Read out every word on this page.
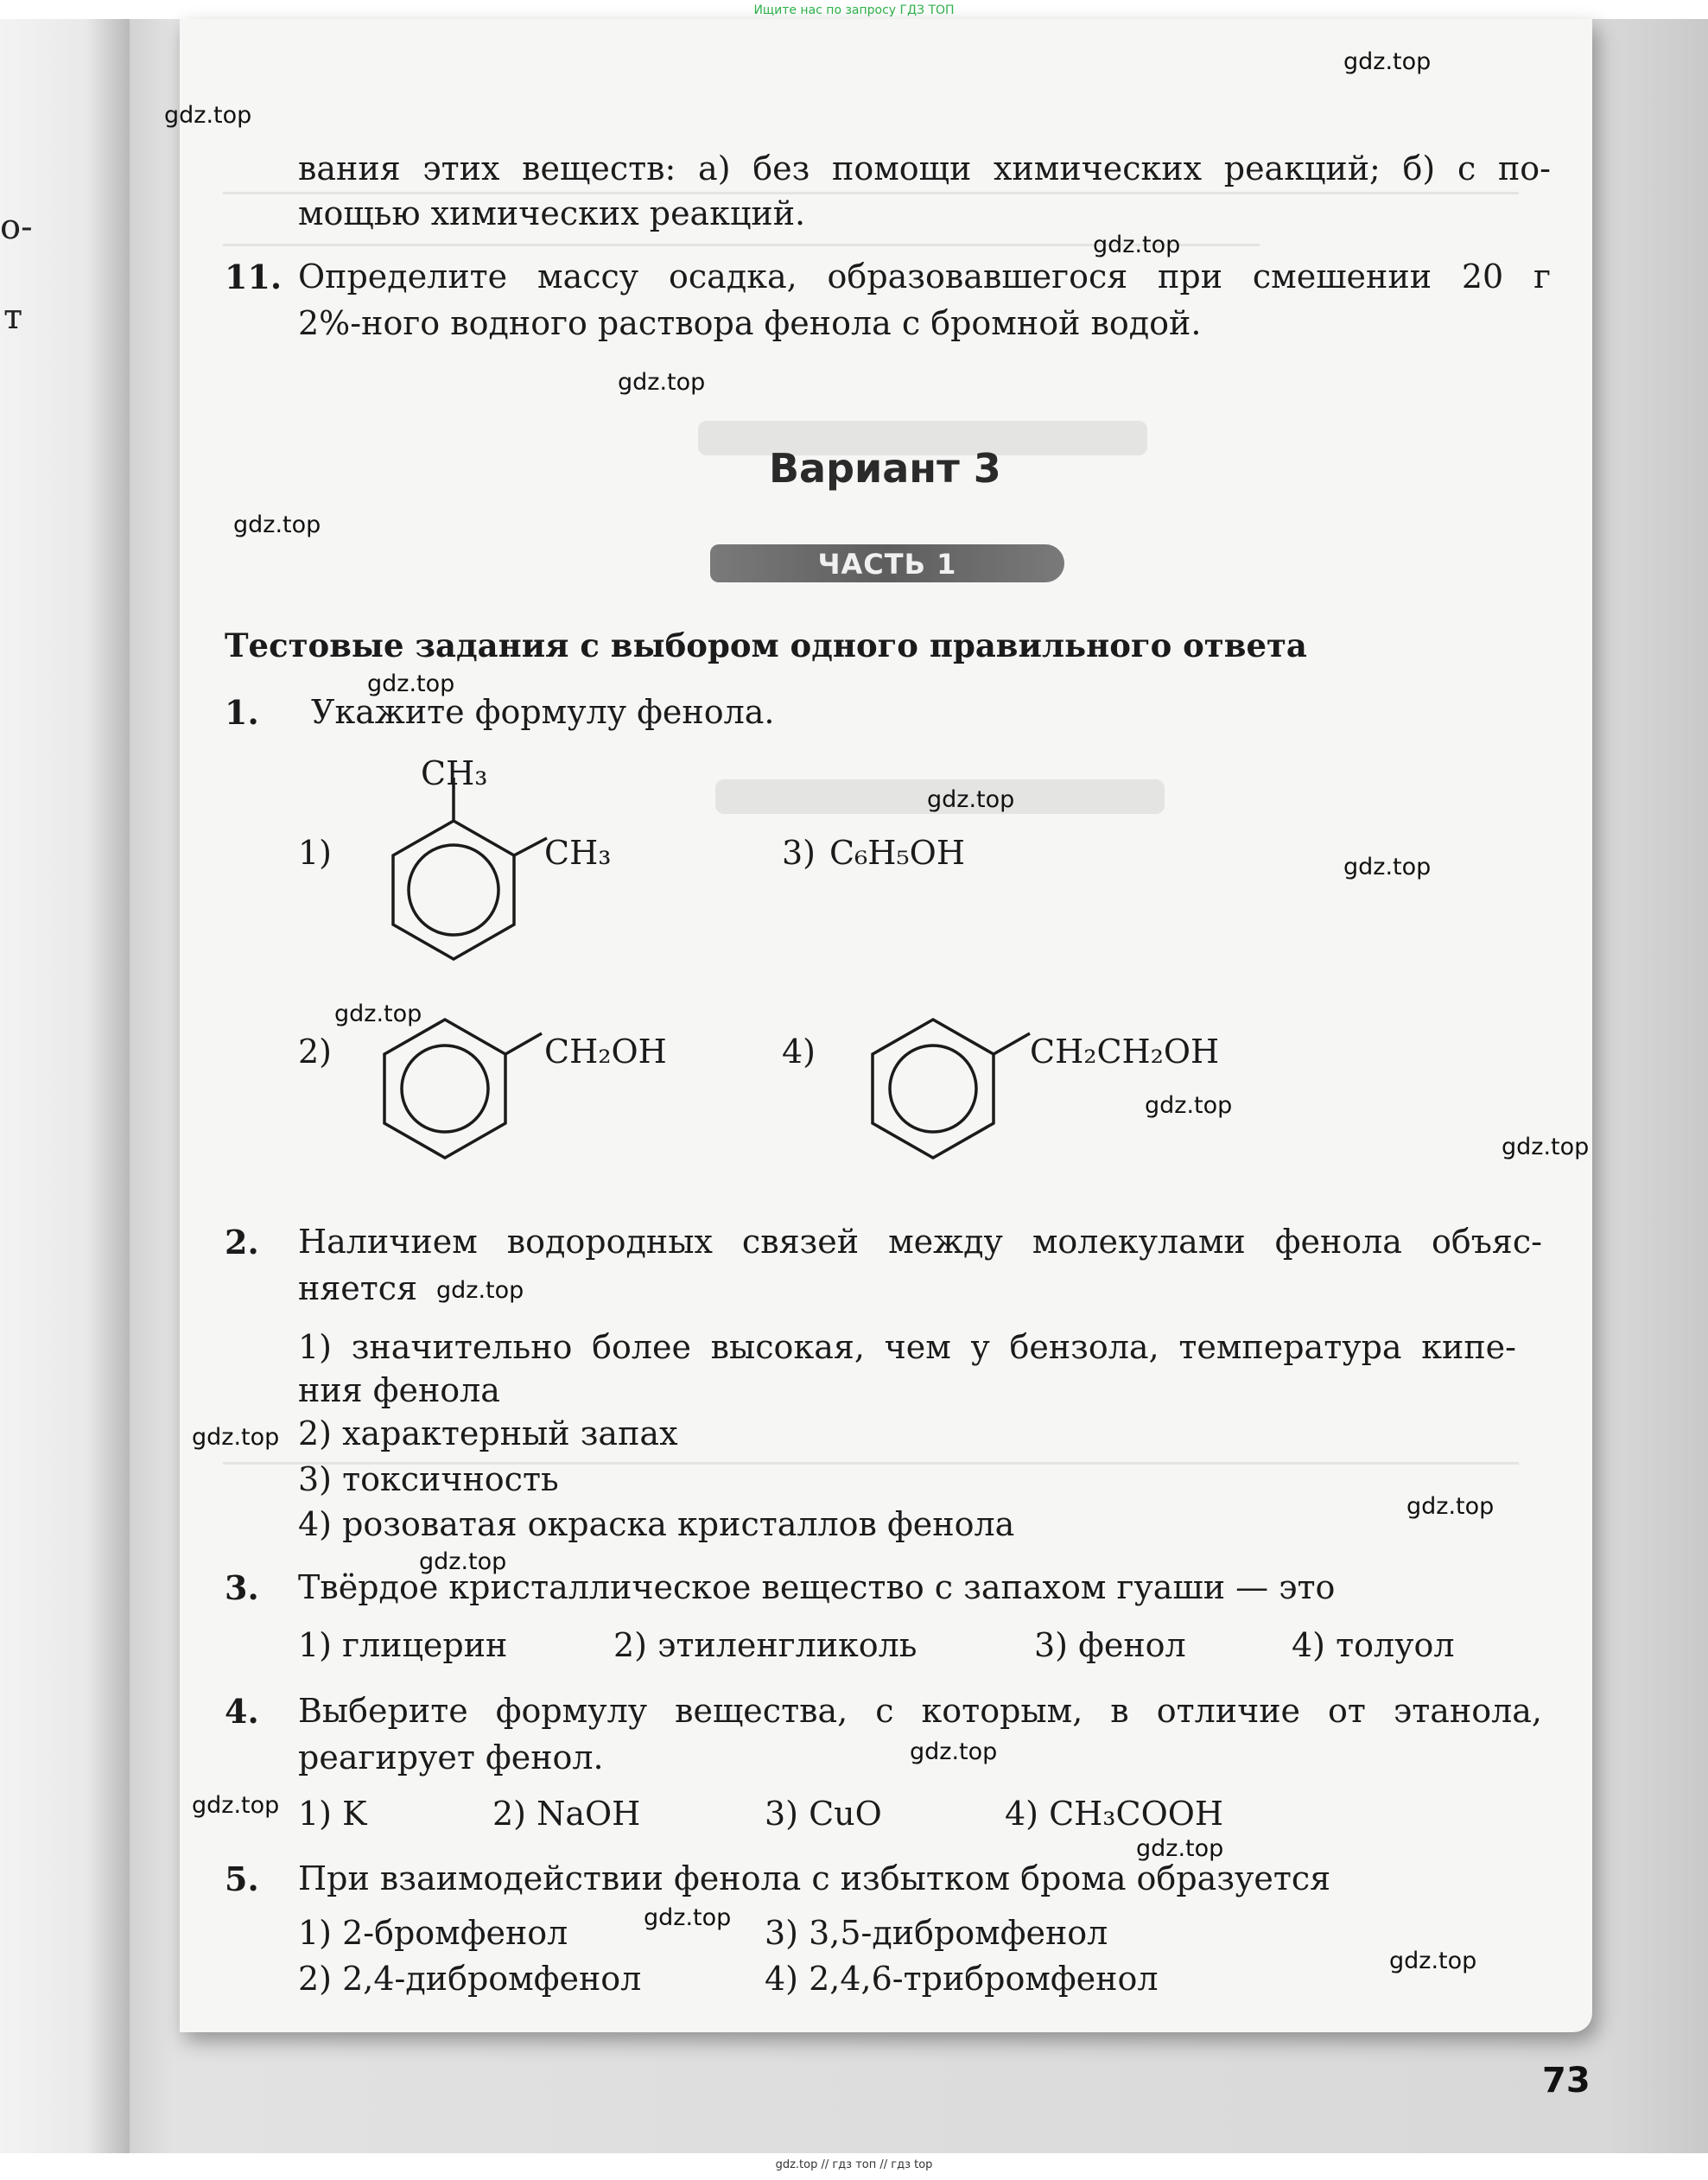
Ищите нас по запросу ГДЗ ТОП
о-
т
gdz.top
gdz.top
gdz.top
gdz.top
gdz.top
gdz.top
gdz.top
gdz.top
gdz.top
gdz.top
gdz.top
gdz.top
gdz.top
gdz.top
gdz.top
gdz.top
gdz.top
gdz.top
gdz.top
gdz.top
вания этих веществ: а) без помощи химических реакций; б) с по-
мощью химических реакций.
11. Определите массу осадка, образовавшегося при смешении 20 г
2%-ного водного раствора фенола с бромной водой.
Вариант 3
ЧАСТЬ 1
Тестовые задания с выбором одного правильного ответа
1. Укажите формулу фенола.
1)
CH₃
CH₃	3) C₆H₅OH
2)	CH₂OH	4)	CH₂CH₂OH
2. Наличием водородных связей между молекулами фенола объяс-
няется
1) значительно более высокая, чем у бензола, температура кипе-
ния фенола
2) характерный запах
3) токсичность
4) розоватая окраска кристаллов фенола
3. Твёрдое кристаллическое вещество с запахом гуаши — это
1) глицерин	2) этиленгликоль	3) фенол	4) толуол
4. Выберите формулу вещества, с которым, в отличие от этанола,
реагирует фенол.
1) K	2) NaOH	3) CuO	4) CH₃COOH
5. При взаимодействии фенола с избытком брома образуется
1) 2-бромфенол	3) 3,5-дибромфенол
2) 2,4-дибромфенол	4) 2,4,6-трибромфенол
73
gdz.top // гдз топ // гдз top
